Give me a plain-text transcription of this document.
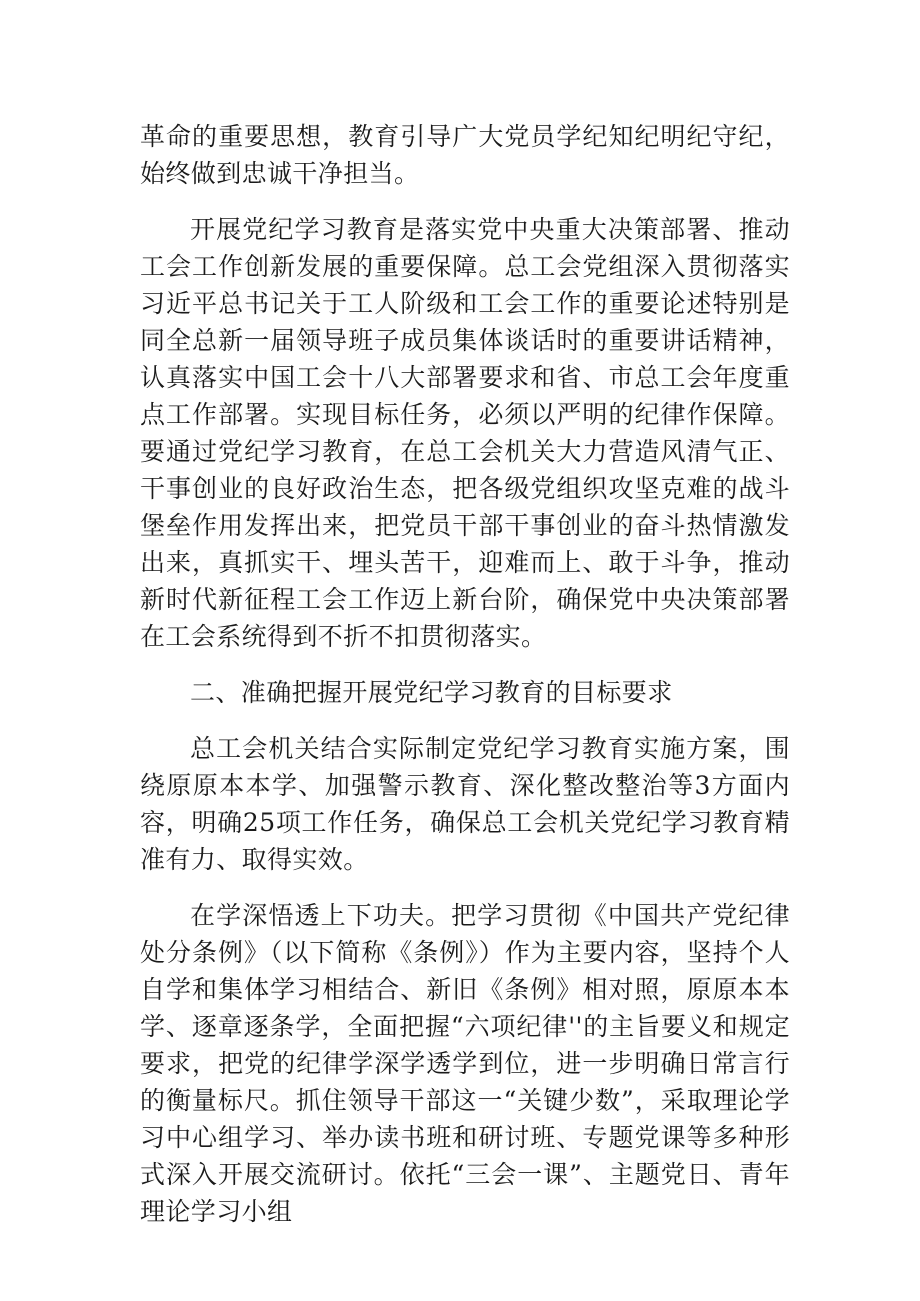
革命的重要思想，教育引导广大党员学纪知纪明纪守纪，始终做到忠诚干净担当。

开展党纪学习教育是落实党中央重大决策部署、推动工会工作创新发展的重要保障。总工会党组深入贯彻落实习近平总书记关于工人阶级和工会工作的重要论述特别是同全总新一届领导班子成员集体谈话时的重要讲话精神，认真落实中国工会十八大部署要求和省、市总工会年度重点工作部署。实现目标任务，必须以严明的纪律作保障。要通过党纪学习教育，在总工会机关大力营造风清气正、干事创业的良好政治生态，把各级党组织攻坚克难的战斗堡垒作用发挥出来，把党员干部干事创业的奋斗热情激发出来，真抓实干、埋头苦干，迎难而上、敢于斗争，推动新时代新征程工会工作迈上新台阶，确保党中央决策部署在工会系统得到不折不扣贯彻落实。

二、准确把握开展党纪学习教育的目标要求

总工会机关结合实际制定党纪学习教育实施方案，围绕原原本本学、加强警示教育、深化整改整治等3方面内容，明确25项工作任务，确保总工会机关党纪学习教育精准有力、取得实效。

在学深悟透上下功夫。把学习贯彻《中国共产党纪律处分条例》（以下简称《条例》）作为主要内容，坚持个人自学和集体学习相结合、新旧《条例》相对照，原原本本学、逐章逐条学，全面把握“六项纪律''的主旨要义和规定要求，把党的纪律学深学透学到位，进一步明确日常言行的衡量标尺。抓住领导干部这一“关键少数”，采取理论学习中心组学习、举办读书班和研讨班、专题党课等多种形式深入开展交流研讨。依托“三会一课”、主题党日、青年理论学习小组
